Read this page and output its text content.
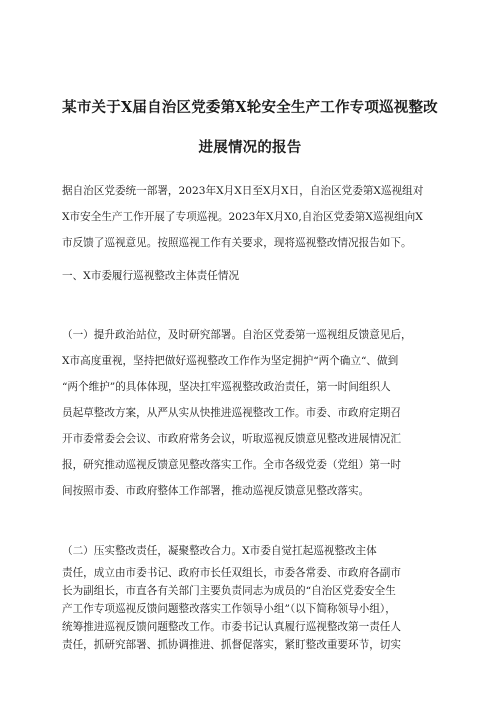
某市关于X届自治区党委第X轮安全生产工作专项巡视整改
进展情况的报告
据自治区党委统一部署，2023年X月X日至X月X日，自治区党委第X巡视组对
X市安全生产工作开展了专项巡视。2023年X月X0,自治区党委第X巡视组向X
市反馈了巡视意见。按照巡视工作有关要求，现将巡视整改情况报告如下。
一、X市委履行巡视整改主体责任情况
（一）提升政治站位，及时研究部署。自治区党委第一巡视组反馈意见后，
X市高度重视，坚持把做好巡视整改工作作为坚定拥护“两个确立“、做到
“两个维护”的具体体现，坚决扛牢巡视整改政治责任，第一时间组织人
员起草整改方案，从严从实从快推进巡视整改工作。市委、市政府定期召
开市委常委会会议、市政府常务会议，听取巡视反馈意见整改进展情况汇
报，研究推动巡视反馈意见整改落实工作。全市各级党委（党组）第一时
间按照市委、市政府整体工作部署，推动巡视反馈意见整改落实。
（二）压实整改责任，凝聚整改合力。X市委自觉扛起巡视整改主体
责任，成立由市委书记、政府市长任双组长，市委各常委、市政府各副市
长为副组长，市直各有关部门主要负责同志为成员的“自治区党委安全生
产工作专项巡视反馈问题整改落实工作领导小组”（以下简称领导小组），
统筹推进巡视反馈问题整改工作。市委书记认真履行巡视整改第一责任人
责任，抓研究部署、抓协调推进、抓督促落实，紧盯整改重要环节，切实
